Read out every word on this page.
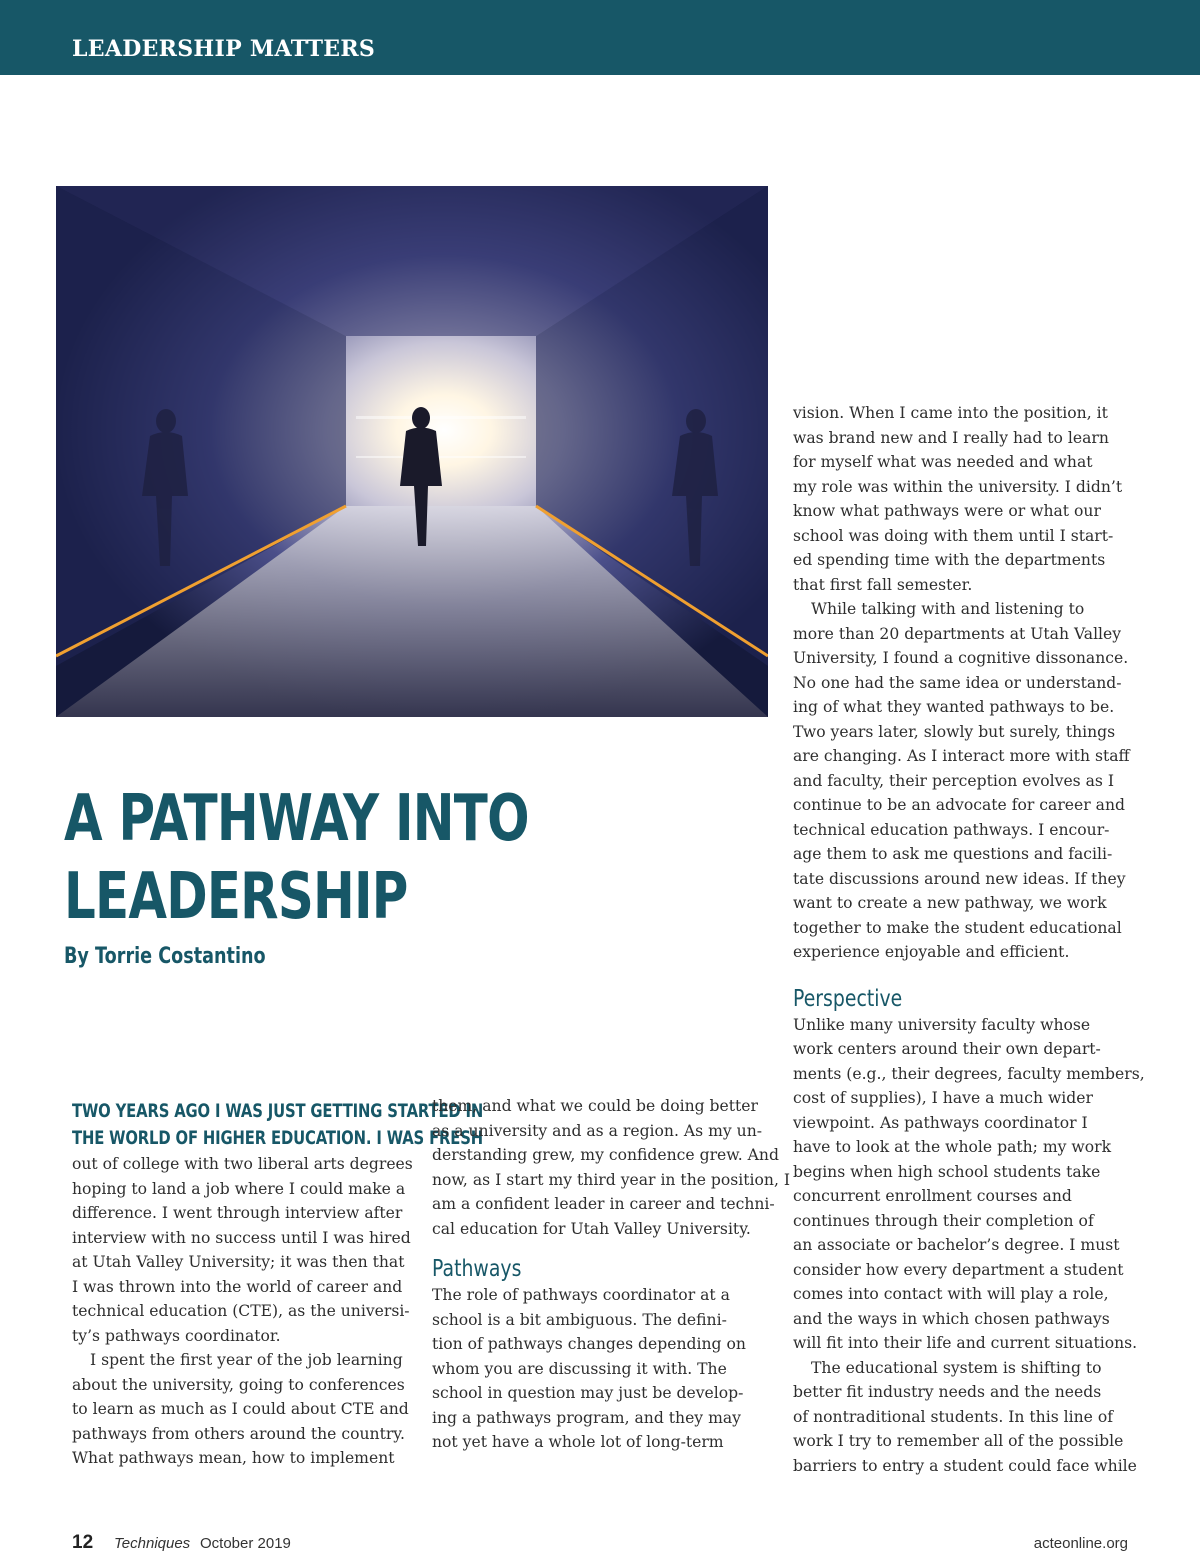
LEADERSHIP MATTERS
A PATHWAY INTO
LEADERSHIP
By Torrie Costantino
TWO YEARS AGO I WAS JUST GETTING STARTED IN
THE WORLD OF HIGHER EDUCATION. I WAS FRESH

out of college with two liberal arts degrees
hoping to land a job where I could make a
difference. I went through interview after
interview with no success until I was hired
at Utah Valley University; it was then that
I was thrown into the world of career and
technical education (CTE), as the universi-
ty’s pathways coordinator.

I spent the first year of the job learning
about the university, going to conferences
to learn as much as I could about CTE and
pathways from others around the country.
What pathways mean, how to implement

them, and what we could be doing better
as a university and as a region. As my un-
derstanding grew, my confidence grew. And
now, as I start my third year in the position, I
am a confident leader in career and techni-
cal education for Utah Valley University.

Pathways

The role of pathways coordinator at a
school is a bit ambiguous. The defini-
tion of pathways changes depending on
whom you are discussing it with. The
school in question may just be develop-
ing a pathways program, and they may
not yet have a whole lot of long-term

vision. When I came into the position, it
was brand new and I really had to learn
for myself what was needed and what
my role was within the university. I didn’t
know what pathways were or what our
school was doing with them until I start-
ed spending time with the departments
that first fall semester.

While talking with and listening to
more than 20 departments at Utah Valley
University, I found a cognitive dissonance.
No one had the same idea or understand-
ing of what they wanted pathways to be.
Two years later, slowly but surely, things
are changing. As I interact more with staff
and faculty, their perception evolves as I
continue to be an advocate for career and
technical education pathways. I encour-
age them to ask me questions and facili-
tate discussions around new ideas. If they
want to create a new pathway, we work
together to make the student educational
experience enjoyable and efficient.

Perspective

Unlike many university faculty whose
work centers around their own depart-
ments (e.g., their degrees, faculty members,
cost of supplies), I have a much wider
viewpoint. As pathways coordinator I
have to look at the whole path; my work
begins when high school students take
concurrent enrollment courses and
continues through their completion of
an associate or bachelor’s degree. I must
consider how every department a student
comes into contact with will play a role,
and the ways in which chosen pathways
will fit into their life and current situations.

The educational system is shifting to
better fit industry needs and the needs
of nontraditional students. In this line of
work I try to remember all of the possible
barriers to entry a student could face while

12 Techniques October 2019	acteonline.org
